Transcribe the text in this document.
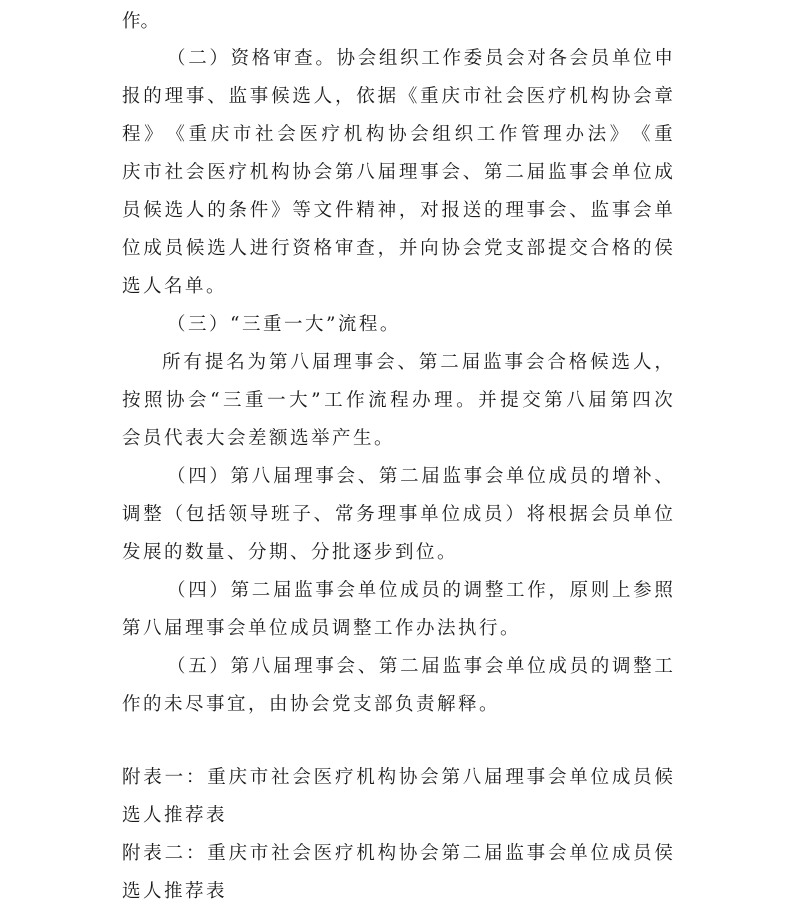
作。
（ 二 ） 资 格 审 查 。 协 会 组 织 工 作 委 员 会 对 各 会 员 单 位 申
报 的 理 事 、 监 事 候 选 人 ， 依 据 《 重 庆 市 社 会 医 疗 机 构 协 会 章
程 》 《 重 庆 市 社 会 医 疗 机 构 协 会 组 织 工 作 管 理 办 法 》 《 重
庆 市 社 会 医 疗 机 构 协 会 第 八 届 理 事 会 、 第 二 届 监 事 会 单 位 成
员 候 选 人 的 条 件 》 等 文 件 精 神 ， 对 报 送 的 理 事 会 、 监 事 会 单
位 成 员 候 选 人 进 行 资 格 审 查 ， 并 向 协 会 党 支 部 提 交 合 格 的 侯
选人名单。
（三）“三重一大”流程。
所 有 提 名 为 第 八 届 理 事 会 、 第 二 届 监 事 会 合 格 候 选 人 ，
按 照 协 会 “ 三 重 一 大 ” 工 作 流 程 办 理 。 并 提 交 第 八 届 第 四 次
会员代表大会差额选举产生。
（ 四 ） 第 八 届 理 事 会 、 第 二 届 监 事 会 单 位 成 员 的 增 补 、
调 整 （ 包 括 领 导 班 子 、 常 务 理 事 单 位 成 员 ） 将 根 据 会 员 单 位
发展的数量、分期、分批逐步到位。
（ 四 ） 第 二 届 监 事 会 单 位 成 员 的 调 整 工 作 ， 原 则 上 参 照
第八届理事会单位成员调整工作办法执行。
（ 五 ） 第 八 届 理 事 会 、 第 二 届 监 事 会 单 位 成 员 的 调 整 工
作的未尽事宜，由协会党支部负责解释。
附 表 一 ： 重 庆 市 社 会 医 疗 机 构 协 会 第 八 届 理 事 会 单 位 成 员 候
选人推荐表
附 表 二 ： 重 庆 市 社 会 医 疗 机 构 协 会 第 二 届 监 事 会 单 位 成 员 侯
选人推荐表
